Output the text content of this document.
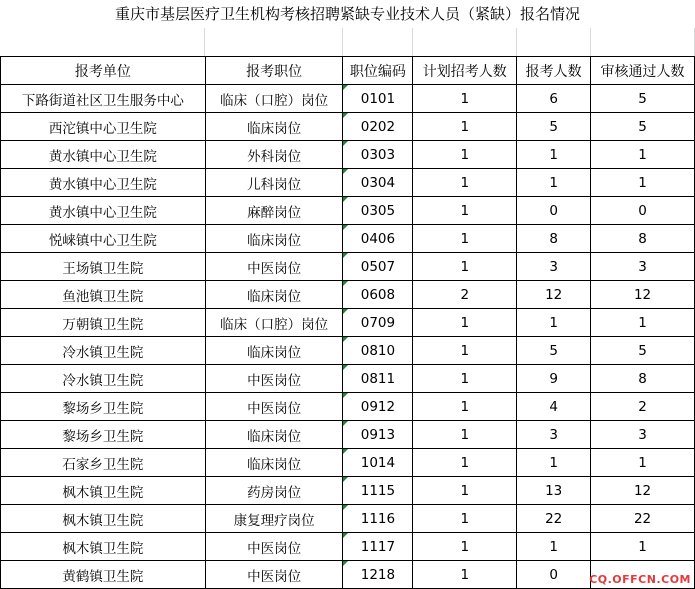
重庆市基层医疗卫生机构考核招聘紧缺专业技术人员（紧缺）报名情况
报考单位	报考职位	职位编码	计划招考人数	报考人数	审核通过人数
下路街道社区卫生服务中心	临床（口腔）岗位	0101	1	6	5
西沱镇中心卫生院	临床岗位	0202	1	5	5
黄水镇中心卫生院	外科岗位	0303	1	1	1
黄水镇中心卫生院	儿科岗位	0304	1	1	1
黄水镇中心卫生院	麻醉岗位	0305	1	0	0
悦崃镇中心卫生院	临床岗位	0406	1	8	8
王场镇卫生院	中医岗位	0507	1	3	3
鱼池镇卫生院	临床岗位	0608	2	12	12
万朝镇卫生院	临床（口腔）岗位	0709	1	1	1
冷水镇卫生院	临床岗位	0810	1	5	5
冷水镇卫生院	中医岗位	0811	1	9	8
黎场乡卫生院	中医岗位	0912	1	4	2
黎场乡卫生院	临床岗位	0913	1	3	3
石家乡卫生院	临床岗位	1014	1	1	1
枫木镇卫生院	药房岗位	1115	1	13	12
枫木镇卫生院	康复理疗岗位	1116	1	22	22
枫木镇卫生院	中医岗位	1117	1	1	1
黄鹤镇卫生院	中医岗位	1218	1	0		CQ.OFFCN.COM
